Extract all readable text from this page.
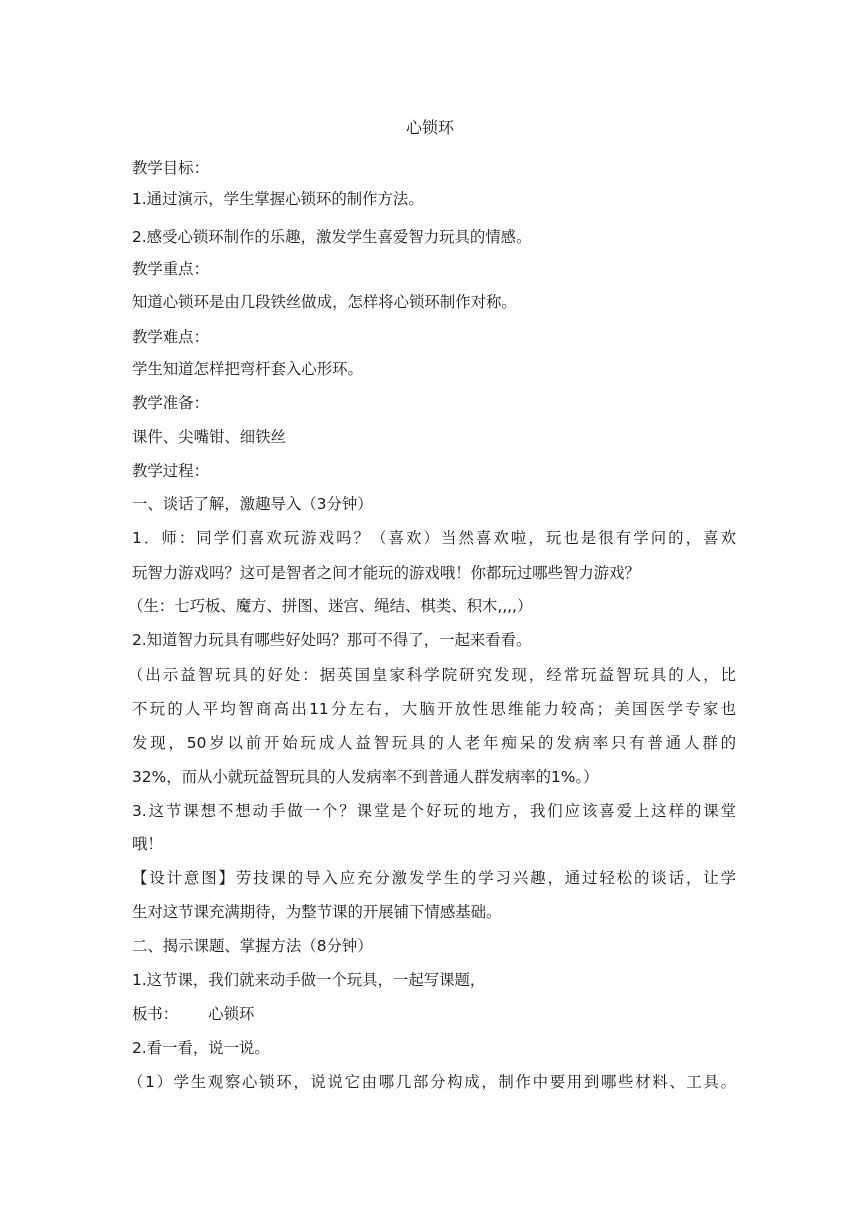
心锁环
教学目标：
1.通过演示，学生掌握心锁环的制作方法。
2.感受心锁环制作的乐趣，激发学生喜爱智力玩具的情感。
教学重点：
知道心锁环是由几段铁丝做成，怎样将心锁环制作对称。
教学难点：
学生知道怎样把弯杆套入心形环。
教学准备：
课件、尖嘴钳、细铁丝
教学过程：
一、谈话了解，激趣导入（3分钟）
1．师：同学们喜欢玩游戏吗？（喜欢）当然喜欢啦，玩也是很有学问的，喜欢
玩智力游戏吗？这可是智者之间才能玩的游戏哦！你都玩过哪些智力游戏？
（生：七巧板、魔方、拼图、迷宫、绳结、棋类、积木,,,,）
2.知道智力玩具有哪些好处吗？那可不得了，一起来看看。
（出示益智玩具的好处：据英国皇家科学院研究发现，经常玩益智玩具的人，比
不玩的人平均智商高出11分左右，大脑开放性思维能力较高；美国医学专家也
发现，50岁以前开始玩成人益智玩具的人老年痴呆的发病率只有普通人群的
32%，而从小就玩益智玩具的人发病率不到普通人群发病率的1%。）
3.这节课想不想动手做一个？课堂是个好玩的地方，我们应该喜爱上这样的课堂
哦！
【设计意图】劳技课的导入应充分激发学生的学习兴趣，通过轻松的谈话，让学
生对这节课充满期待，为整节课的开展铺下情感基础。
二、揭示课题、掌握方法（8分钟）
1.这节课，我们就来动手做一个玩具，一起写课题，
板书： 心锁环
2.看一看，说一说。
（1）学生观察心锁环，说说它由哪几部分构成，制作中要用到哪些材料、工具。
